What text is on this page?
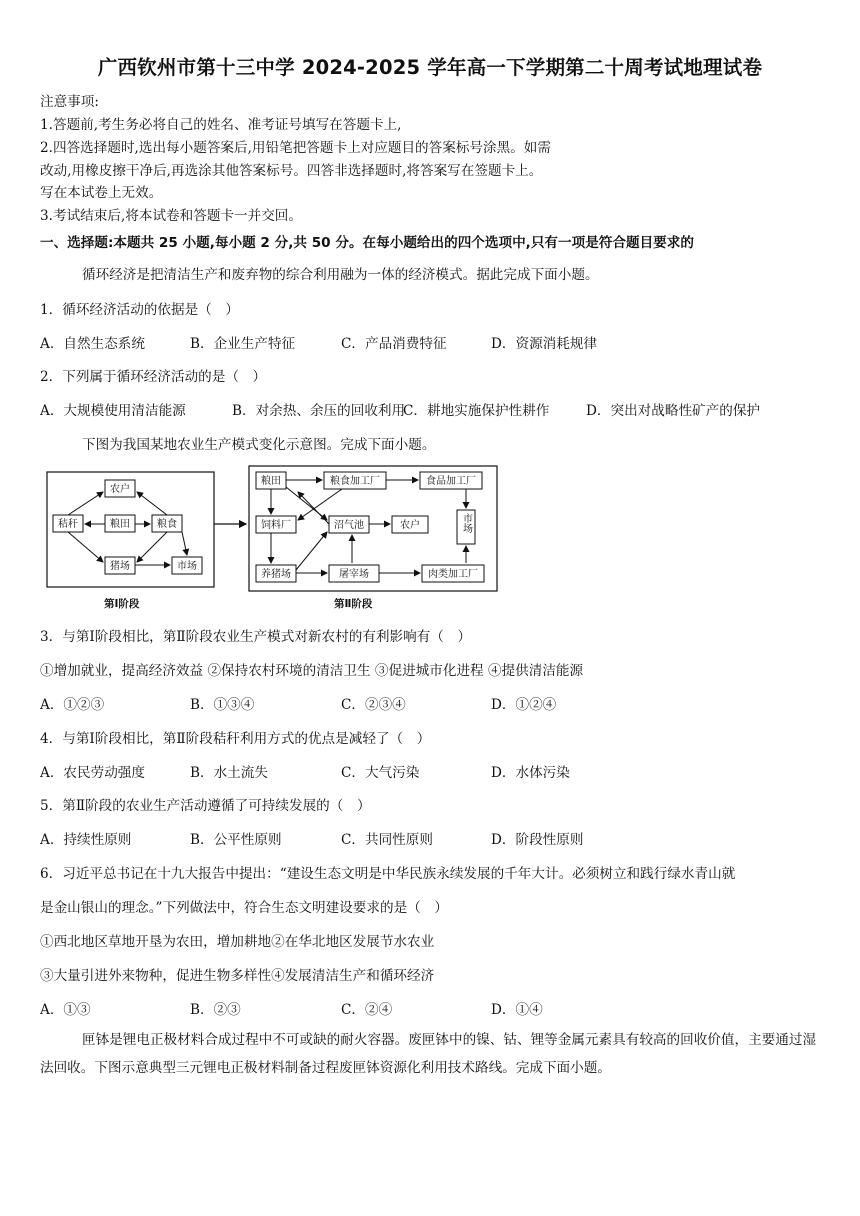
广西钦州市第十三中学 2024-2025 学年高一下学期第二十周考试地理试卷
注意事项:
1.答题前,考生务必将自己的姓名、准考证号填写在答题卡上,
2.四答选择题时,选出每小题答案后,用铅笔把答题卡上对应题目的答案标号涂黑。如需
改动,用橡皮擦干净后,再选涂其他答案标号。四答非选择题时,将答案写在签题卡上。
写在本试卷上无效。
3.考试结束后,将本试卷和答题卡一并交回。
一、选择题:本题共 25 小题,每小题 2 分,共 50 分。在每小题给出的四个选项中,只有一项是符合题目要求的
循环经济是把清洁生产和废弃物的综合利用融为一体的经济模式。据此完成下面小题。
1．循环经济活动的依据是（　）
A．自然生态系统	B．企业生产特征	C．产品消费特征	D．资源消耗规律
2．下列属于循环经济活动的是（　）
A．大规模使用清洁能源	B．对余热、余压的回收利用
C．耕地实施保护性耕作	D．突出对战略性矿产的保护
下图为我国某地农业生产模式变化示意图。完成下面小题。
农户
秸秆	粮田	粮食
猪场	市场
第Ⅰ阶段
粮田	粮食加工厂	食品加工厂
饲料厂	沼气池	农户	市场
养猪场	屠宰场	肉类加工厂
第Ⅱ阶段
3．与第Ⅰ阶段相比，第Ⅱ阶段农业生产模式对新农村的有利影响有（　）
①增加就业，提高经济效益 ②保持农村环境的清洁卫生 ③促进城市化进程 ④提供清洁能源
A．①②③	B．①③④	C．②③④	D．①②④
4．与第Ⅰ阶段相比，第Ⅱ阶段秸秆利用方式的优点是减轻了（　）
A．农民劳动强度	B．水土流失	C．大气污染	D．水体污染
5．第Ⅱ阶段的农业生产活动遵循了可持续发展的（　）
A．持续性原则	B．公平性原则	C．共同性原则	D．阶段性原则
6．习近平总书记在十九大报告中提出：“建设生态文明是中华民族永续发展的千年大计。必须树立和践行绿水青山就
是金山银山的理念。”下列做法中，符合生态文明建设要求的是（　）
①西北地区草地开垦为农田，增加耕地②在华北地区发展节水农业
③大量引进外来物种，促进生物多样性④发展清洁生产和循环经济
A．①③	B．②③	C．②④	D．①④
匣钵是锂电正极材料合成过程中不可或缺的耐火容器。废匣钵中的镍、钴、锂等金属元素具有较高的回收价值，主要通过湿法回收。下图示意典型三元锂电正极材料制备过程废匣钵资源化利用技术路线。完成下面小题。
